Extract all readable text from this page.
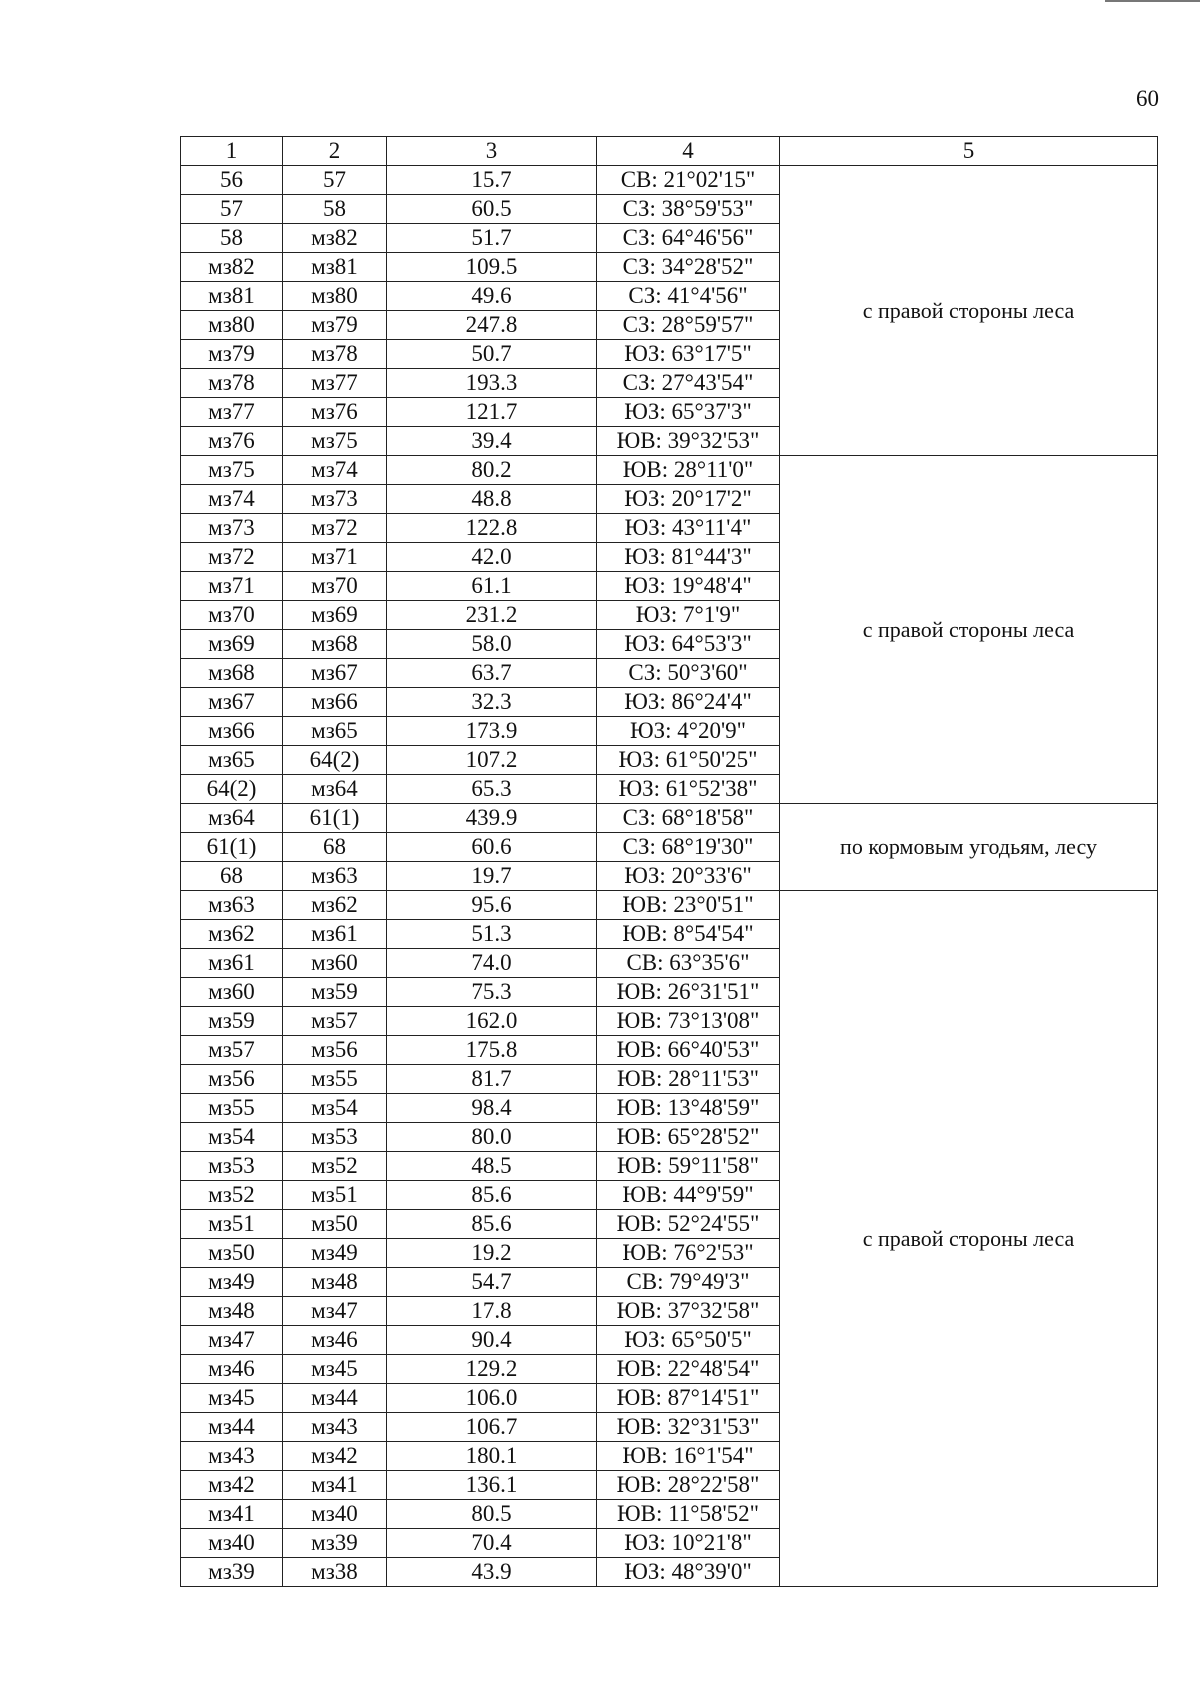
60
1	2	3	4	5
56	57	15.7	СВ: 21°02'15"	с правой стороны леса
57	58	60.5	СЗ: 38°59'53"	
58	мз82	51.7	СЗ: 64°46'56"	
мз82	мз81	109.5	СЗ: 34°28'52"	
мз81	мз80	49.6	СЗ: 41°4'56"	
мз80	мз79	247.8	СЗ: 28°59'57"	
мз79	мз78	50.7	ЮЗ: 63°17'5"	
мз78	мз77	193.3	СЗ: 27°43'54"	
мз77	мз76	121.7	ЮЗ: 65°37'3"	
мз76	мз75	39.4	ЮВ: 39°32'53"	
мз75	мз74	80.2	ЮВ: 28°11'0"	с правой стороны леса
мз74	мз73	48.8	ЮЗ: 20°17'2"	
мз73	мз72	122.8	ЮЗ: 43°11'4"	
мз72	мз71	42.0	ЮЗ: 81°44'3"	
мз71	мз70	61.1	ЮЗ: 19°48'4"	
мз70	мз69	231.2	ЮЗ: 7°1'9"	
мз69	мз68	58.0	ЮЗ: 64°53'3"	
мз68	мз67	63.7	СЗ: 50°3'60"	
мз67	мз66	32.3	ЮЗ: 86°24'4"	
мз66	мз65	173.9	ЮЗ: 4°20'9"	
мз65	64(2)	107.2	ЮЗ: 61°50'25"	
64(2)	мз64	65.3	ЮЗ: 61°52'38"	
мз64	61(1)	439.9	СЗ: 68°18'58"	по кормовым угодьям, лесу
61(1)	68	60.6	СЗ: 68°19'30"	
68	мз63	19.7	ЮЗ: 20°33'6"	
мз63	мз62	95.6	ЮВ: 23°0'51"	с правой стороны леса
мз62	мз61	51.3	ЮВ: 8°54'54"	
мз61	мз60	74.0	СВ: 63°35'6"	
мз60	мз59	75.3	ЮВ: 26°31'51"	
мз59	мз57	162.0	ЮВ: 73°13'08"	
мз57	мз56	175.8	ЮВ: 66°40'53"	
мз56	мз55	81.7	ЮВ: 28°11'53"	
мз55	мз54	98.4	ЮВ: 13°48'59"	
мз54	мз53	80.0	ЮВ: 65°28'52"	
мз53	мз52	48.5	ЮВ: 59°11'58"	
мз52	мз51	85.6	ЮВ: 44°9'59"	
мз51	мз50	85.6	ЮВ: 52°24'55"	
мз50	мз49	19.2	ЮВ: 76°2'53"	
мз49	мз48	54.7	СВ: 79°49'3"	
мз48	мз47	17.8	ЮВ: 37°32'58"	
мз47	мз46	90.4	ЮЗ: 65°50'5"	
мз46	мз45	129.2	ЮВ: 22°48'54"	
мз45	мз44	106.0	ЮВ: 87°14'51"	
мз44	мз43	106.7	ЮВ: 32°31'53"	
мз43	мз42	180.1	ЮВ: 16°1'54"	
мз42	мз41	136.1	ЮВ: 28°22'58"	
мз41	мз40	80.5	ЮВ: 11°58'52"	
мз40	мз39	70.4	ЮЗ: 10°21'8"	
мз39	мз38	43.9	ЮЗ: 48°39'0"	
